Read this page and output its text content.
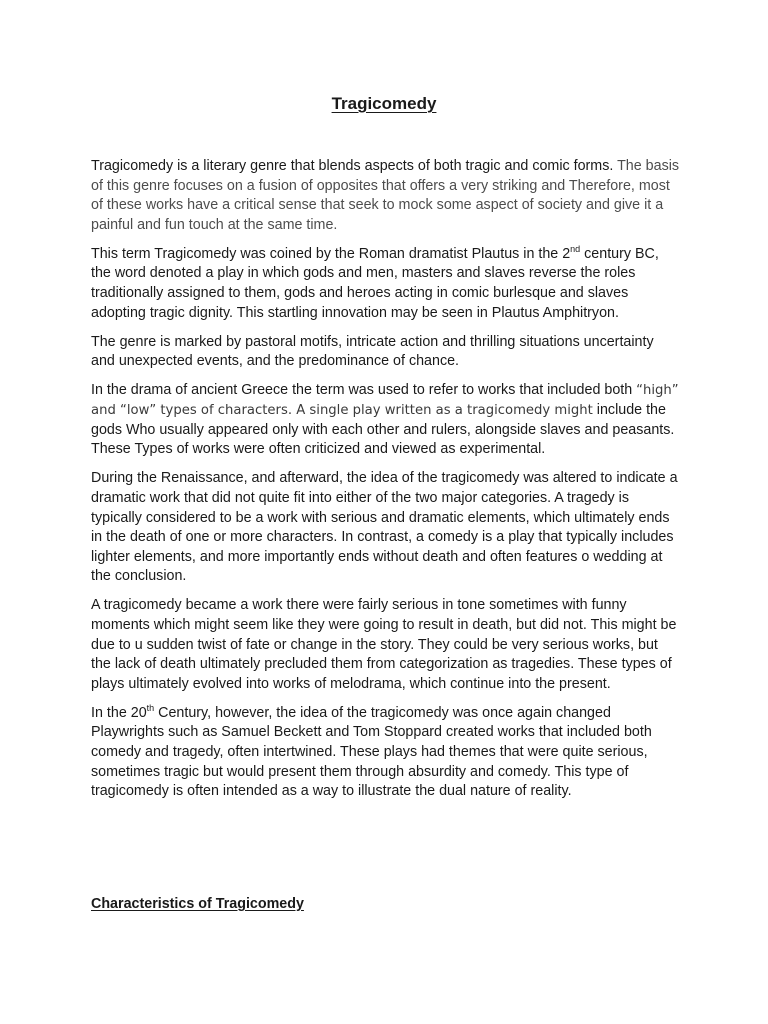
Tragicomedy

Tragicomedy is a literary genre that blends aspects of both tragic and comic forms. The basis of this genre focuses on a fusion of opposites that offers a very striking and Therefore, most of these works have a critical sense that seek to mock some aspect of society and give it a painful and fun touch at the same time.

This term Tragicomedy was coined by the Roman dramatist Plautus in the 2nd century BC, the word denoted a play in which gods and men, masters and slaves reverse the roles traditionally assigned to them, gods and heroes acting in comic burlesque and slaves adopting tragic dignity. This startling innovation may be seen in Plautus Amphitryon.

The genre is marked by pastoral motifs, intricate action and thrilling situations uncertainty and unexpected events, and the predominance of chance.

In the drama of ancient Greece the term was used to refer to works that included both “high” and “low” types of characters. A single play written as a tragicomedy might include the gods Who usually appeared only with each other and rulers, alongside slaves and peasants. These Types of works were often criticized and viewed as experimental.

During the Renaissance, and afterward, the idea of the tragicomedy was altered to indicate a dramatic work that did not quite fit into either of the two major categories. A tragedy is typically considered to be a work with serious and dramatic elements, which ultimately ends in the death of one or more characters. In contrast, a comedy is a play that typically includes lighter elements, and more importantly ends without death and often features o wedding at the conclusion.

A tragicomedy became a work there were fairly serious in tone sometimes with funny moments which might seem like they were going to result in death, but did not. This might be due to u sudden twist of fate or change in the story. They could be very serious works, but the lack of death ultimately precluded them from categorization as tragedies. These types of plays ultimately evolved into works of melodrama, which continue into the present.

In the 20th Century, however, the idea of the tragicomedy was once again changed Playwrights such as Samuel Beckett and Tom Stoppard created works that included both comedy and tragedy, often intertwined. These plays had themes that were quite serious, sometimes tragic but would present them through absurdity and comedy. This type of tragicomedy is often intended as a way to illustrate the dual nature of reality.

Characteristics of Tragicomedy
